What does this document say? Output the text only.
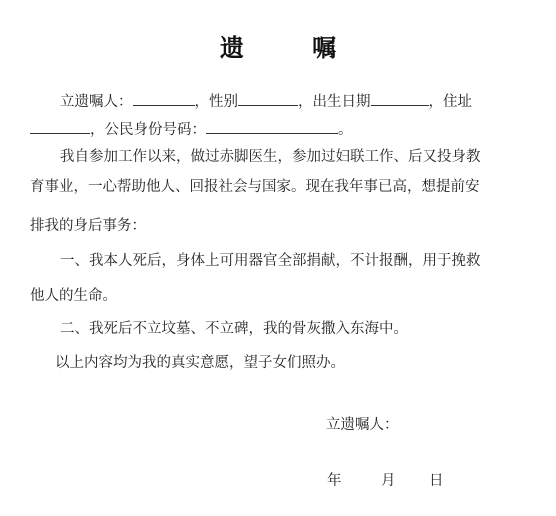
遗 嘱
立遗嘱人：	，性别	，出生日期	，住址
，公民身份号码：	。
我自参加工作以来，做过赤脚医生，参加过妇联工作、后又投身教
育事业，一心帮助他人、回报社会与国家。现在我年事已高，想提前安
排我的身后事务：
一、我本人死后，身体上可用器官全部捐献，不计报酬，用于挽救
他人的生命。
二、我死后不立坟墓、不立碑，我的骨灰撒入东海中。
以上内容均为我的真实意愿，望子女们照办。
立遗嘱人：
年	月 日
